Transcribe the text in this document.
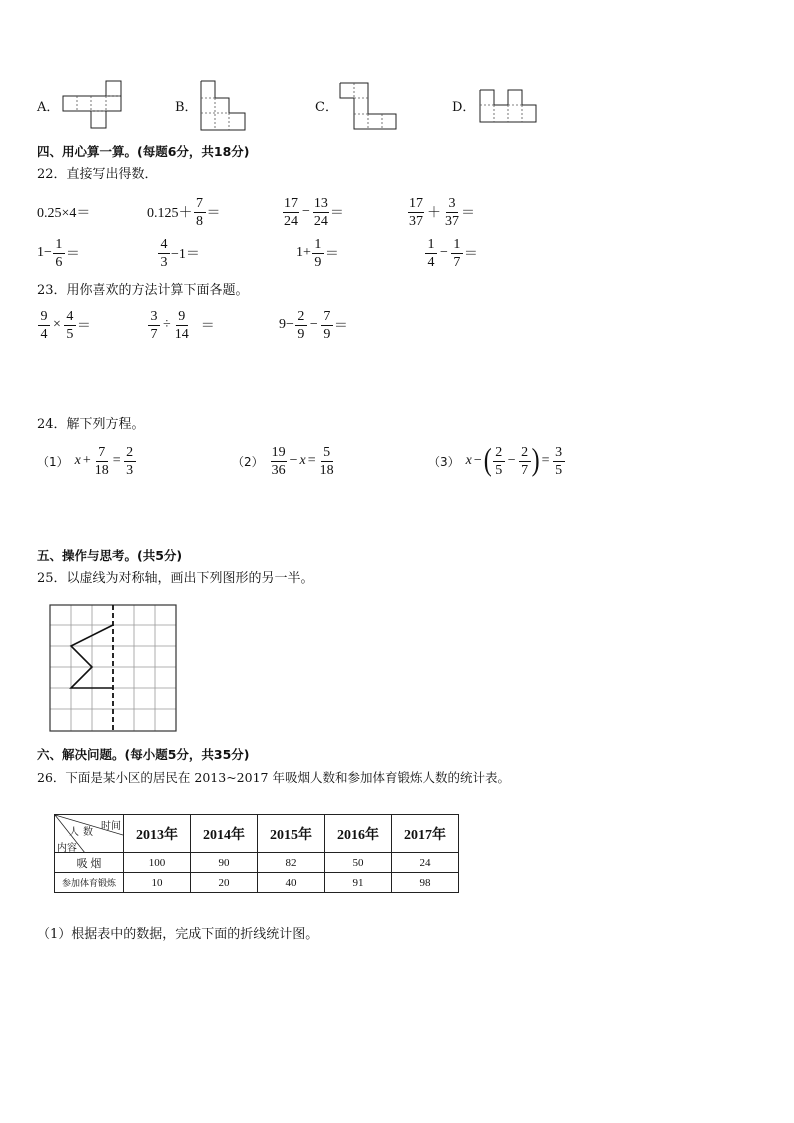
A．	B．	C．	D．
四、用心算一算。(每题6分，共18分)
22．直接写出得数．
0.25×4＝	$0.125+ \frac{7}{8}$ ＝	$\frac{17}{24} - \frac{13}{24}$ ＝	$\frac{17}{37} + \frac{3}{37}$ ＝
$1- \frac{1}{6}$ ＝	$\frac{4}{3} -1=$	$1+ \frac{1}{9}$ ＝	$\frac{1}{4} - \frac{1}{7}$ ＝
23．用你喜欢的方法计算下面各题。
$\frac{9}{4} \times \frac{4}{5}$ ＝	$\frac{3}{7} \div \frac{9}{14}$ ＝	$9- \frac{2}{9} - \frac{7}{9}$ ＝
24．解下列方程。
（1） $x + \frac{7}{18} = \frac{2}{3}$	$(2) \frac{19}{36} - x = \frac{5}{18}$	（3） x − ( $\frac{2}{5} - \frac{2}{7}$ ) = $\frac{3}{5}$
五、操作与思考。(共5分)
25．以虚线为对称轴，画出下列图形的另一半。
六、解决问题。(每小题5分，共35分)
26．下面是某小区的居民在 2013~2017 年吸烟人数和参加体育锻炼人数的统计表。
时间
人数
内容	2013年	2014年	2015年	2016年	2017年
吸 烟	100	90	82	50	24
参加体育锻炼	10	20	40	91	98
（1）根据表中的数据，完成下面的折线统计图。
